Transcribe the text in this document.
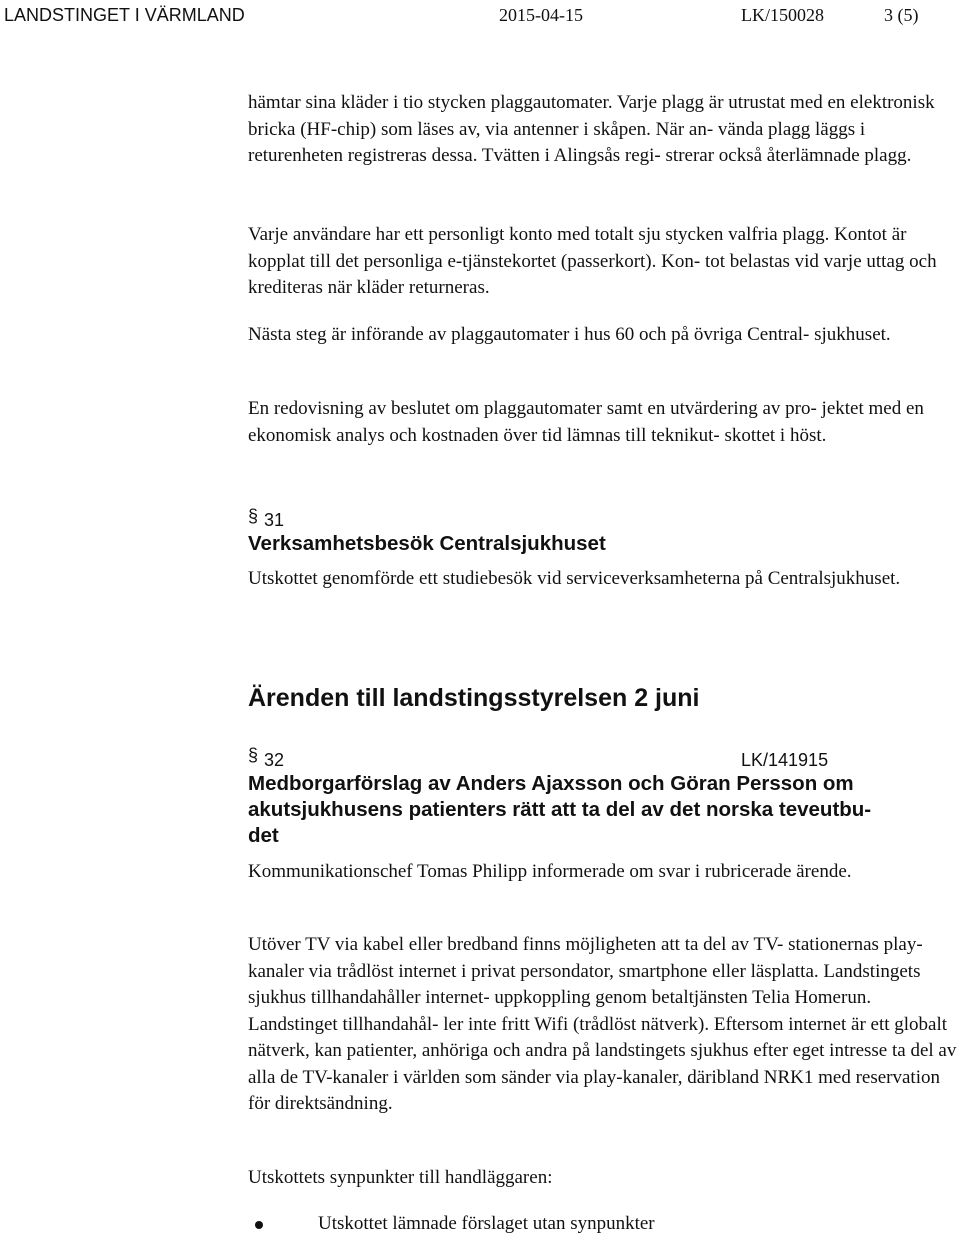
LANDSTINGET I VÄRMLAND	2015-04-15	LK/150028	3 (5)
hämtar sina kläder i tio stycken plaggautomater. Varje plagg är utrustat med en elektronisk bricka (HF-chip) som läses av, via antenner i skåpen. När an- vända plagg läggs i returenheten registreras dessa. Tvätten i Alingsås regi- strerar också återlämnade plagg.
Varje användare har ett personligt konto med totalt sju stycken valfria plagg. Kontot är kopplat till det personliga e-tjänstekortet (passerkort). Kon- tot belastas vid varje uttag och krediteras när kläder returneras.
Nästa steg är införande av plaggautomater i hus 60 och på övriga Central- sjukhuset.
En redovisning av beslutet om plaggautomater samt en utvärdering av pro- jektet med en ekonomisk analys och kostnaden över tid lämnas till teknikut- skottet i höst.
§ 31
Verksamhetsbesök Centralsjukhuset
Utskottet genomförde ett studiebesök vid serviceverksamheterna på Centralsjukhuset.
Ärenden till landstingsstyrelsen 2 juni
§ 32	LK/141915
Medborgarförslag av Anders Ajaxsson och Göran Persson om
akutsjukhusens patienters rätt att ta del av det norska teveutbu-
det
Kommunikationschef Tomas Philipp informerade om svar i rubricerade ärende.
Utöver TV via kabel eller bredband finns möjligheten att ta del av TV- stationernas play-kanaler via trådlöst internet i privat persondator, smartphone eller läsplatta. Landstingets sjukhus tillhandahåller internet- uppkoppling genom betaltjänsten Telia Homerun. Landstinget tillhandahål- ler inte fritt Wifi (trådlöst nätverk). Eftersom internet är ett globalt nätverk, kan patienter, anhöriga och andra på landstingets sjukhus efter eget intresse ta del av alla de TV-kanaler i världen som sänder via play-kanaler, däribland NRK1 med reservation för direktsändning.
Utskottets synpunkter till handläggaren:
Utskottet lämnade förslaget utan synpunkter
